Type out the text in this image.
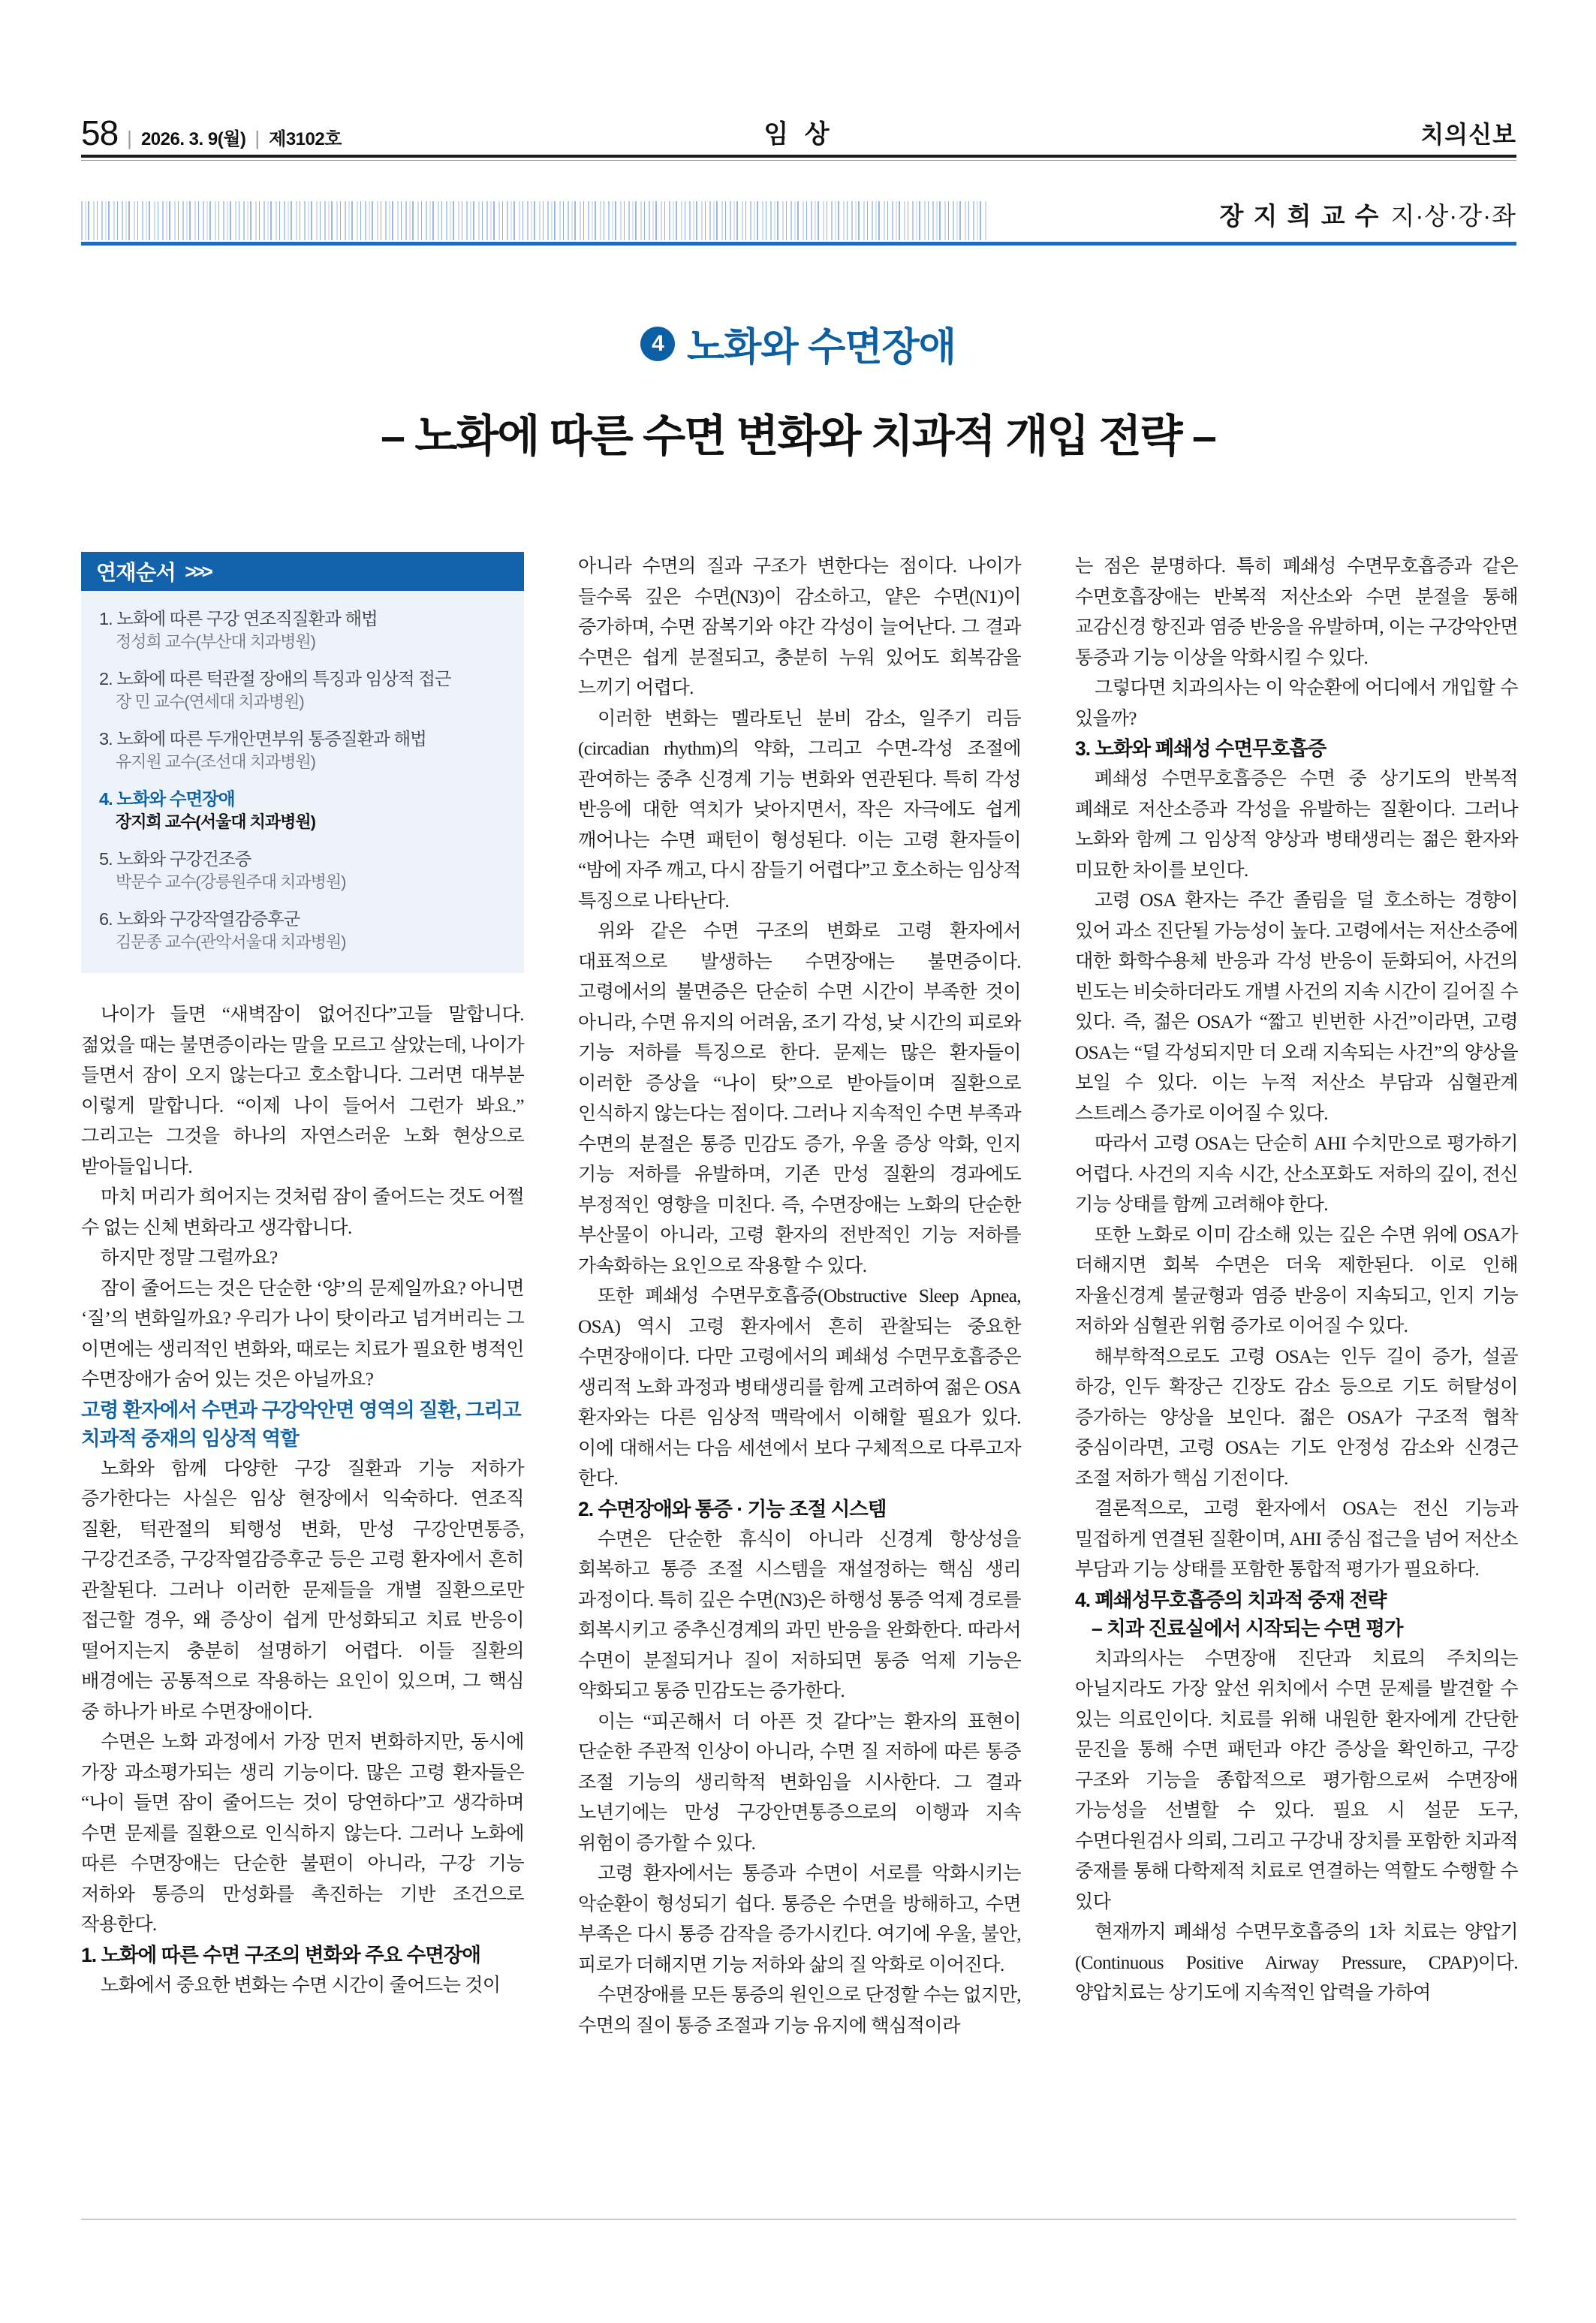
58 | 2026. 3. 9(월) | 제3102호	임 상	치의신보
장 지 희 교 수 지·상·강·좌
4 노화와 수면장애
– 노화에 따른 수면 변화와 치과적 개입 전략 –
연재순서 >>>
1. 노화에 따른 구강 연조직질환과 해법
정성희 교수(부산대 치과병원)
2. 노화에 따른 턱관절 장애의 특징과 임상적 접근
장 민 교수(연세대 치과병원)
3. 노화에 따른 두개안면부위 통증질환과 해법
유지원 교수(조선대 치과병원)
4. 노화와 수면장애
장지희 교수(서울대 치과병원)
5. 노화와 구강건조증
박문수 교수(강릉원주대 치과병원)
6. 노화와 구강작열감증후군
김문종 교수(관악서울대 치과병원)

나이가 들면 “새벽잠이 없어진다”고들 말합니다. 젊었을 때는 불면증이라는 말을 모르고 살았는데, 나이가 들면서 잠이 오지 않는다고 호소합니다. 그러면 대부분 이렇게 말합니다. “이제 나이 들어서 그런가 봐요.” 그리고는 그것을 하나의 자연스러운 노화 현상으로 받아들입니다.

마치 머리가 희어지는 것처럼 잠이 줄어드는 것도 어쩔 수 없는 신체 변화라고 생각합니다.

하지만 정말 그럴까요?

잠이 줄어드는 것은 단순한 ‘양’의 문제일까요? 아니면 ‘질’의 변화일까요? 우리가 나이 탓이라고 넘겨버리는 그 이면에는 생리적인 변화와, 때로는 치료가 필요한 병적인 수면장애가 숨어 있는 것은 아닐까요?

고령 환자에서 수면과 구강악안면 영역의 질환, 그리고 치과적 중재의 임상적 역할

노화와 함께 다양한 구강 질환과 기능 저하가 증가한다는 사실은 임상 현장에서 익숙하다. 연조직 질환, 턱관절의 퇴행성 변화, 만성 구강안면통증, 구강건조증, 구강작열감증후군 등은 고령 환자에서 흔히 관찰된다. 그러나 이러한 문제들을 개별 질환으로만 접근할 경우, 왜 증상이 쉽게 만성화되고 치료 반응이 떨어지는지 충분히 설명하기 어렵다. 이들 질환의 배경에는 공통적으로 작용하는 요인이 있으며, 그 핵심 중 하나가 바로 수면장애이다.

수면은 노화 과정에서 가장 먼저 변화하지만, 동시에 가장 과소평가되는 생리 기능이다. 많은 고령 환자들은 “나이 들면 잠이 줄어드는 것이 당연하다”고 생각하며 수면 문제를 질환으로 인식하지 않는다. 그러나 노화에 따른 수면장애는 단순한 불편이 아니라, 구강 기능 저하와 통증의 만성화를 촉진하는 기반 조건으로 작용한다.

1. 노화에 따른 수면 구조의 변화와 주요 수면장애

노화에서 중요한 변화는 수면 시간이 줄어드는 것이

아니라 수면의 질과 구조가 변한다는 점이다. 나이가 들수록 깊은 수면(N3)이 감소하고, 얕은 수면(N1)이 증가하며, 수면 잠복기와 야간 각성이 늘어난다. 그 결과 수면은 쉽게 분절되고, 충분히 누워 있어도 회복감을 느끼기 어렵다.

이러한 변화는 멜라토닌 분비 감소, 일주기 리듬(circadian rhythm)의 약화, 그리고 수면-각성 조절에 관여하는 중추 신경계 기능 변화와 연관된다. 특히 각성 반응에 대한 역치가 낮아지면서, 작은 자극에도 쉽게 깨어나는 수면 패턴이 형성된다. 이는 고령 환자들이 “밤에 자주 깨고, 다시 잠들기 어렵다”고 호소하는 임상적 특징으로 나타난다.

위와 같은 수면 구조의 변화로 고령 환자에서 대표적으로 발생하는 수면장애는 불면증이다. 고령에서의 불면증은 단순히 수면 시간이 부족한 것이 아니라, 수면 유지의 어려움, 조기 각성, 낮 시간의 피로와 기능 저하를 특징으로 한다. 문제는 많은 환자들이 이러한 증상을 “나이 탓”으로 받아들이며 질환으로 인식하지 않는다는 점이다. 그러나 지속적인 수면 부족과 수면의 분절은 통증 민감도 증가, 우울 증상 악화, 인지 기능 저하를 유발하며, 기존 만성 질환의 경과에도 부정적인 영향을 미친다. 즉, 수면장애는 노화의 단순한 부산물이 아니라, 고령 환자의 전반적인 기능 저하를 가속화하는 요인으로 작용할 수 있다.

또한 폐쇄성 수면무호흡증(Obstructive Sleep Apnea, OSA) 역시 고령 환자에서 흔히 관찰되는 중요한 수면장애이다. 다만 고령에서의 폐쇄성 수면무호흡증은 생리적 노화 과정과 병태생리를 함께 고려하여 젊은 OSA 환자와는 다른 임상적 맥락에서 이해할 필요가 있다. 이에 대해서는 다음 세션에서 보다 구체적으로 다루고자 한다.

2. 수면장애와 통증 · 기능 조절 시스템

수면은 단순한 휴식이 아니라 신경계 항상성을 회복하고 통증 조절 시스템을 재설정하는 핵심 생리 과정이다. 특히 깊은 수면(N3)은 하행성 통증 억제 경로를 회복시키고 중추신경계의 과민 반응을 완화한다. 따라서 수면이 분절되거나 질이 저하되면 통증 억제 기능은 약화되고 통증 민감도는 증가한다.

이는 “피곤해서 더 아픈 것 같다”는 환자의 표현이 단순한 주관적 인상이 아니라, 수면 질 저하에 따른 통증 조절 기능의 생리학적 변화임을 시사한다. 그 결과 노년기에는 만성 구강안면통증으로의 이행과 지속 위험이 증가할 수 있다.

고령 환자에서는 통증과 수면이 서로를 악화시키는 악순환이 형성되기 쉽다. 통증은 수면을 방해하고, 수면 부족은 다시 통증 감작을 증가시킨다. 여기에 우울, 불안, 피로가 더해지면 기능 저하와 삶의 질 악화로 이어진다.

수면장애를 모든 통증의 원인으로 단정할 수는 없지만, 수면의 질이 통증 조절과 기능 유지에 핵심적이라

는 점은 분명하다. 특히 폐쇄성 수면무호흡증과 같은 수면호흡장애는 반복적 저산소와 수면 분절을 통해 교감신경 항진과 염증 반응을 유발하며, 이는 구강악안면 통증과 기능 이상을 악화시킬 수 있다.

그렇다면 치과의사는 이 악순환에 어디에서 개입할 수 있을까?

3. 노화와 폐쇄성 수면무호흡증

폐쇄성 수면무호흡증은 수면 중 상기도의 반복적 폐쇄로 저산소증과 각성을 유발하는 질환이다. 그러나 노화와 함께 그 임상적 양상과 병태생리는 젊은 환자와 미묘한 차이를 보인다.

고령 OSA 환자는 주간 졸림을 덜 호소하는 경향이 있어 과소 진단될 가능성이 높다. 고령에서는 저산소증에 대한 화학수용체 반응과 각성 반응이 둔화되어, 사건의 빈도는 비슷하더라도 개별 사건의 지속 시간이 길어질 수 있다. 즉, 젊은 OSA가 “짧고 빈번한 사건”이라면, 고령 OSA는 “덜 각성되지만 더 오래 지속되는 사건”의 양상을 보일 수 있다. 이는 누적 저산소 부담과 심혈관계 스트레스 증가로 이어질 수 있다.

따라서 고령 OSA는 단순히 AHI 수치만으로 평가하기 어렵다. 사건의 지속 시간, 산소포화도 저하의 깊이, 전신 기능 상태를 함께 고려해야 한다.

또한 노화로 이미 감소해 있는 깊은 수면 위에 OSA가 더해지면 회복 수면은 더욱 제한된다. 이로 인해 자율신경계 불균형과 염증 반응이 지속되고, 인지 기능 저하와 심혈관 위험 증가로 이어질 수 있다.

해부학적으로도 고령 OSA는 인두 길이 증가, 설골 하강, 인두 확장근 긴장도 감소 등으로 기도 허탈성이 증가하는 양상을 보인다. 젊은 OSA가 구조적 협착 중심이라면, 고령 OSA는 기도 안정성 감소와 신경근 조절 저하가 핵심 기전이다.

결론적으로, 고령 환자에서 OSA는 전신 기능과 밀접하게 연결된 질환이며, AHI 중심 접근을 넘어 저산소 부담과 기능 상태를 포함한 통합적 평가가 필요하다.

4. 폐쇄성무호흡증의 치과적 중재 전략
– 치과 진료실에서 시작되는 수면 평가

치과의사는 수면장애 진단과 치료의 주치의는 아닐지라도 가장 앞선 위치에서 수면 문제를 발견할 수 있는 의료인이다. 치료를 위해 내원한 환자에게 간단한 문진을 통해 수면 패턴과 야간 증상을 확인하고, 구강 구조와 기능을 종합적으로 평가함으로써 수면장애 가능성을 선별할 수 있다. 필요 시 설문 도구, 수면다원검사 의뢰, 그리고 구강내 장치를 포함한 치과적 중재를 통해 다학제적 치료로 연결하는 역할도 수행할 수 있다

현재까지 폐쇄성 수면무호흡증의 1차 치료는 양압기(Continuous Positive Airway Pressure, CPAP)이다. 양압치료는 상기도에 지속적인 압력을 가하여
